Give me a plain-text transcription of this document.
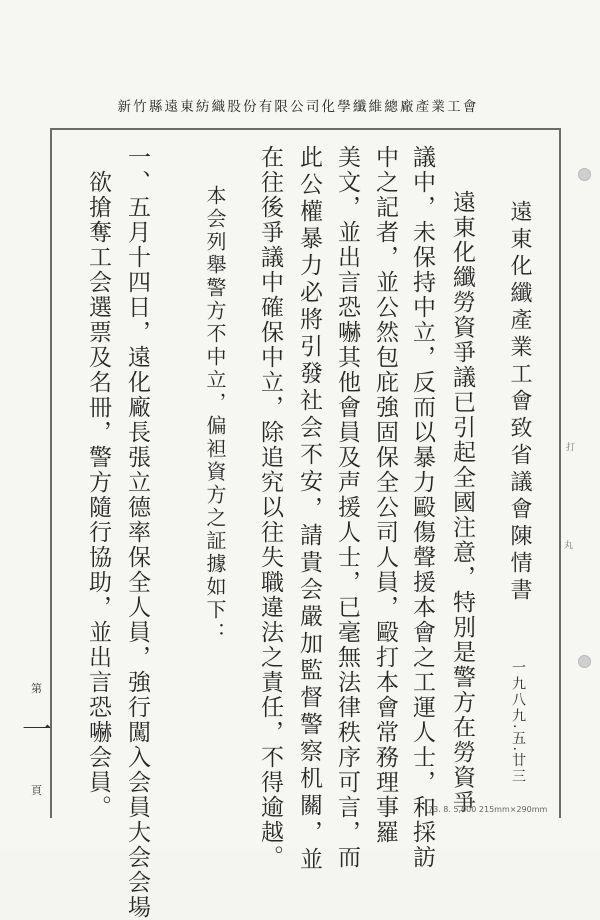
打
丸
新竹縣遠東紡織股份有限公司化學纖維總廠產業工會
遠東化纖產業工會致省議會陳情書
一九八九.五.廿三
遠東化纖勞資爭議已引起全國注意，特別是警方在勞資爭
議中，未保持中立，反而以暴力毆傷聲援本會之工運人士，和採訪
中之記者，並公然包庇強固保全公司人員，毆打本會常務理事羅
美文，並出言恐嚇其他會員及声援人士，已毫無法律秩序可言，而
此公權暴力必將引發社会不安，請貴会嚴加監督警察机關，並
在往後爭議中確保中立，除追究以往失職違法之責任，不得逾越。
本会列舉警方不中立，偏袒資方之証據如下：
一、五月十四日，遠化廠長張立德率保全人員，強行闖入会員大会会場
欲搶奪工会選票及名冊，警方隨行協助，並出言恐嚇会員。
第
一
頁
73. 8. 5,000 215mm×290mm
